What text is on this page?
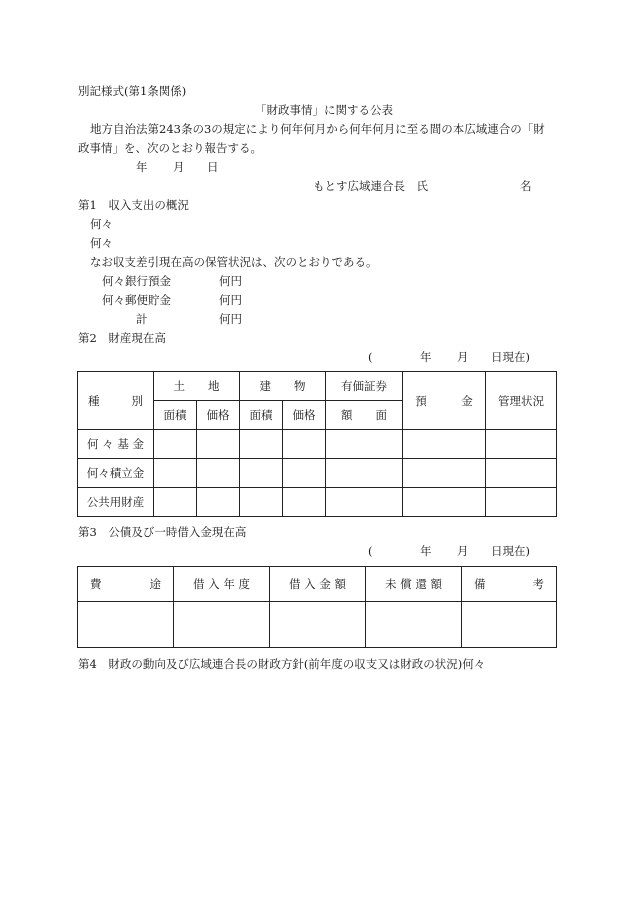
別記様式(第1条関係)
「財政事情」に関する公表
地方自治法第243条の3の規定により何年何月から何年何月に至る間の本広域連合の「財
政事情」を、次のとおり報告する。
年 月 日
もとす広域連合長　氏	名
第1　収入支出の概況
何々
何々
なお収支差引現在高の保管状況は、次のとおりである。
何々銀行預金	何円
何々郵便貯金	何円
計	何円
第2　財産現在高
(	年 月 日現在)
種 別	土　　地		建　　物		有価証券	預　　　金	管理状況
	面積	価格	面積	価格	額　　面		
何 々 基 金							
何々積立金							
公共用財産							
第3　公債及び一時借入金現在高
(	年 月 日現在)
費 途	借 入 年 度	借 入 金 額	未 償 還 額	備 考

第4　財政の動向及び広域連合長の財政方針(前年度の収支又は財政の状況)何々
